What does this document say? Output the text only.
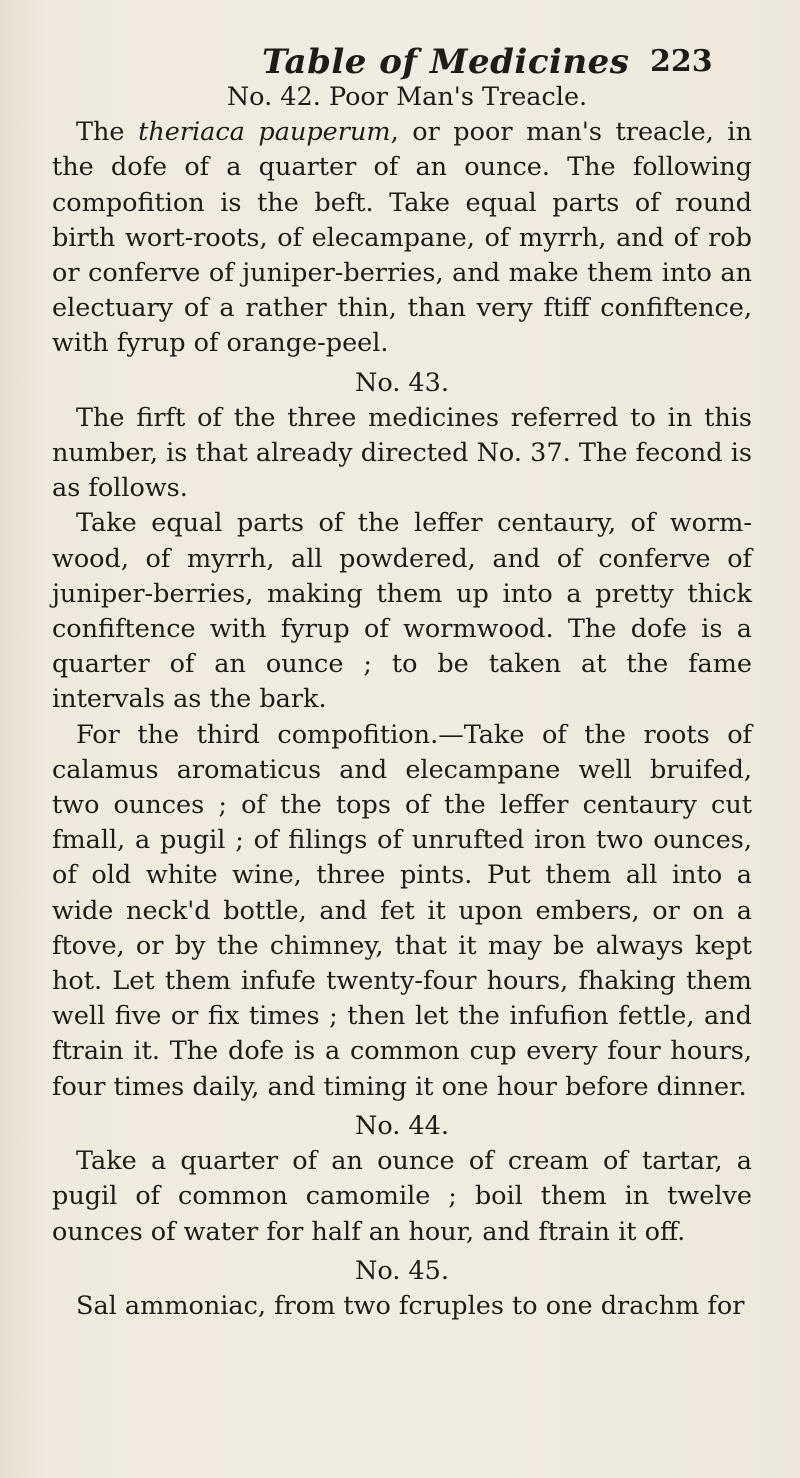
Table of Medicines 223

No. 42. Poor Man's Treacle.

The theriaca pauperum, or poor man's treacle, in the dofe of a quarter of an ounce. The following compofition is the beft. Take equal parts of round birth wort-roots, of elecampane, of myrrh, and of rob or conferve of juniper-berries, and make them into an electuary of a rather thin, than very ftiff confiftence, with fyrup of orange-peel.

No. 43.

The firft of the three medicines referred to in this number, is that already directed No. 37. The fecond is as follows.

Take equal parts of the leffer centaury, of wormwood, of myrrh, all powdered, and of conferve of juniper-berries, making them up into a pretty thick confiftence with fyrup of wormwood. The dofe is a quarter of an ounce ; to be taken at the fame intervals as the bark.

For the third compofition.—Take of the roots of calamus aromaticus and elecampane well bruifed, two ounces ; of the tops of the leffer centaury cut fmall, a pugil ; of filings of unrufted iron two ounces, of old white wine, three pints. Put them all into a wide neck'd bottle, and fet it upon embers, or on a ftove, or by the chimney, that it may be always kept hot. Let them infufe twenty-four hours, fhaking them well five or fix times ; then let the infufion fettle, and ftrain it. The dofe is a common cup every four hours, four times daily, and timing it one hour before dinner.

No. 44.

Take a quarter of an ounce of cream of tartar, a pugil of common camomile ; boil them in twelve ounces of water for half an hour, and ftrain it off.

No. 45.

Sal ammoniac, from two fcruples to one drachm for
